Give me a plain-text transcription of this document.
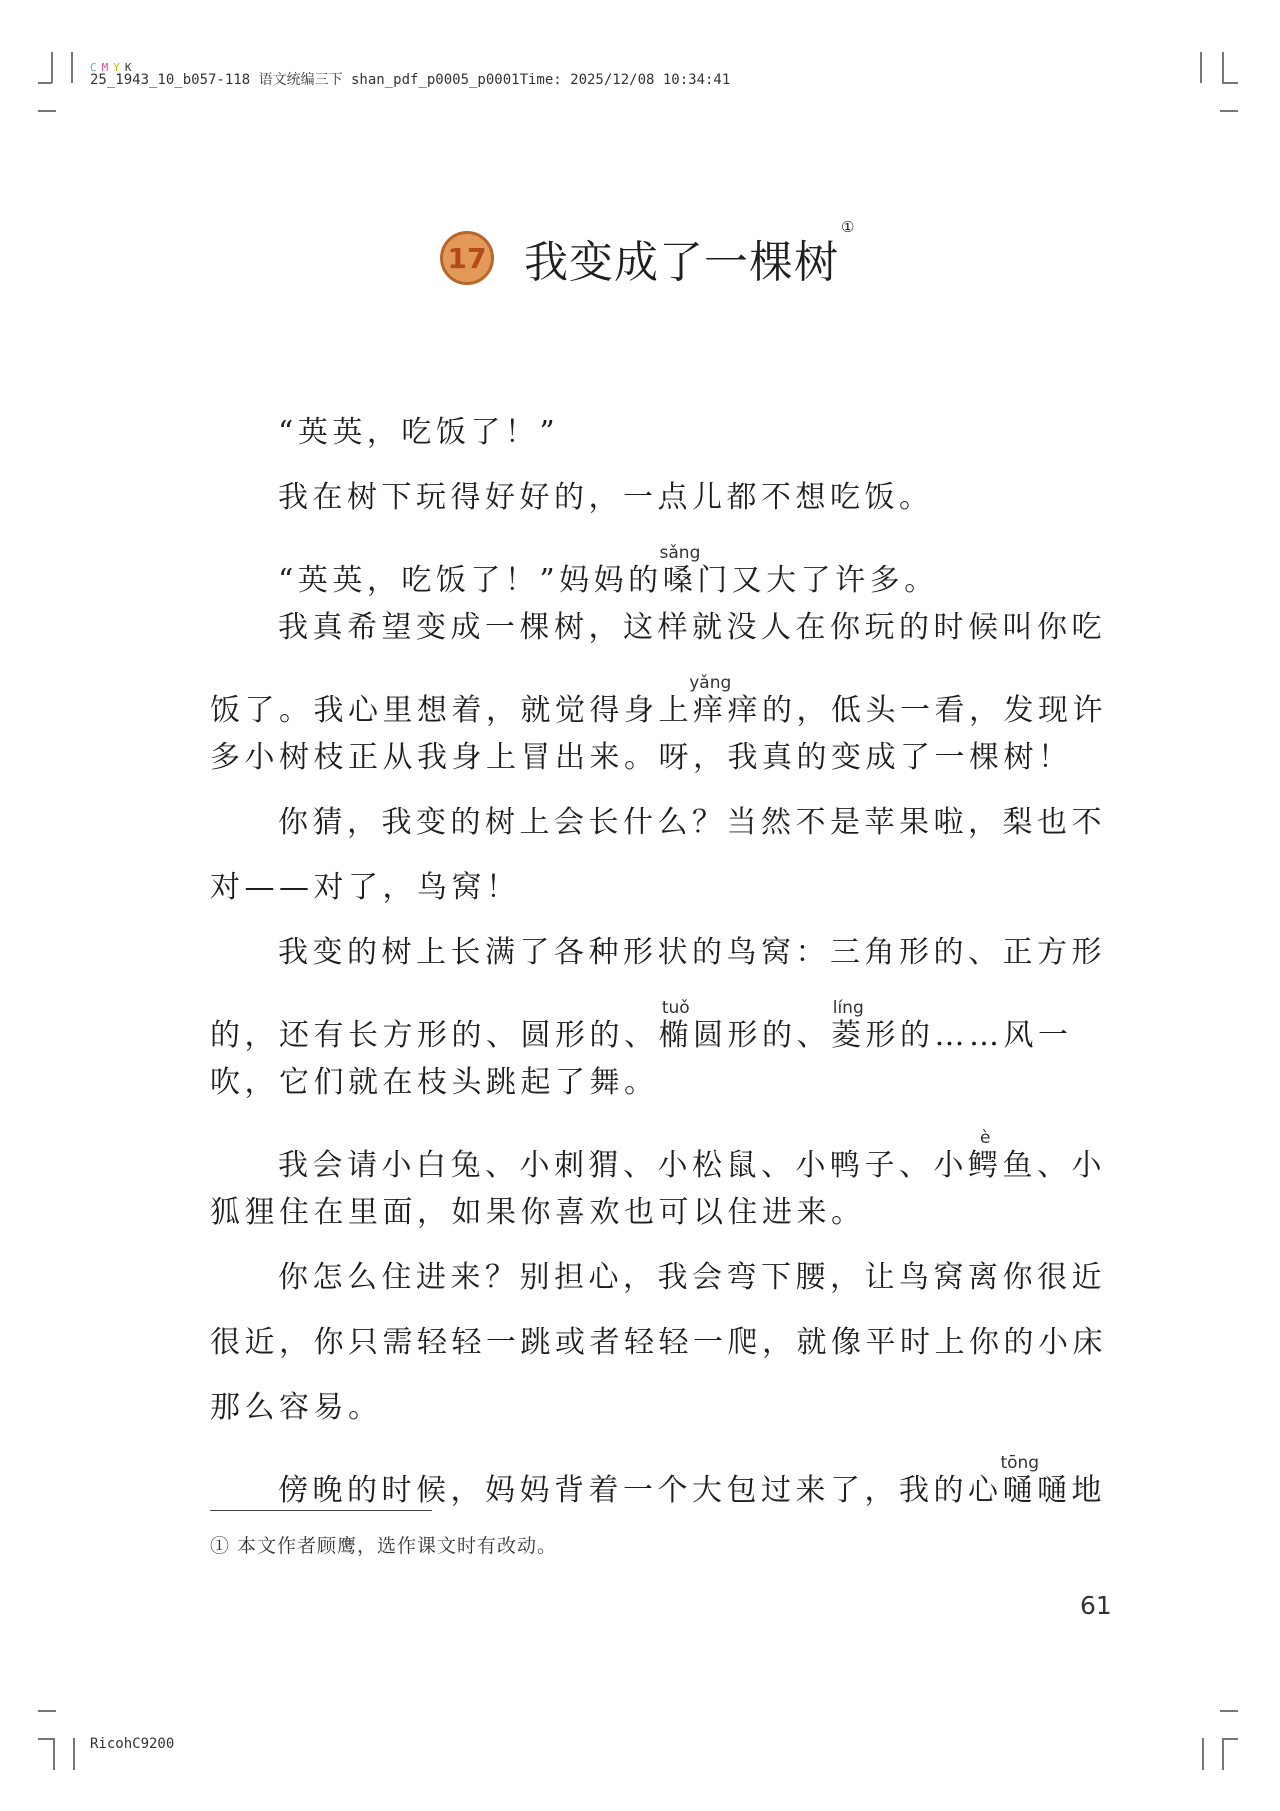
CMYK
25_1943_10_b057-118 语文统编三下 shan_pdf_p0005_p0001Time: 2025/12/08 10:34:41
RicohC9200
17 我变成了一棵树①
“英英，吃饭了！”
我在树下玩得好好的，一点儿都不想吃饭。
“英英，吃饭了！”妈妈的嗓sǎng门又大了许多。
我真希望变成一棵树，这样就没人在你玩的时候叫你吃
饭了。我心里想着，就觉得身上痒yǎng痒的，低头一看，发现许
多小树枝正从我身上冒出来。呀，我真的变成了一棵树！
你猜，我变的树上会长什么？当然不是苹果啦，梨也不
对——对了，鸟窝！
我变的树上长满了各种形状的鸟窝：三角形的、正方形
的，还有长方形的、圆形的、椭tuǒ圆形的、菱líng形的……风一
吹，它们就在枝头跳起了舞。
我会请小白兔、小刺猬、小松鼠、小鸭子、小鳄è鱼、小
狐狸住在里面，如果你喜欢也可以住进来。
你怎么住进来？别担心，我会弯下腰，让鸟窝离你很近
很近，你只需轻轻一跳或者轻轻一爬，就像平时上你的小床
那么容易。
傍晚的时候，妈妈背着一个大包过来了，我的心嗵tōng嗵地
① 本文作者顾鹰，选作课文时有改动。
61
